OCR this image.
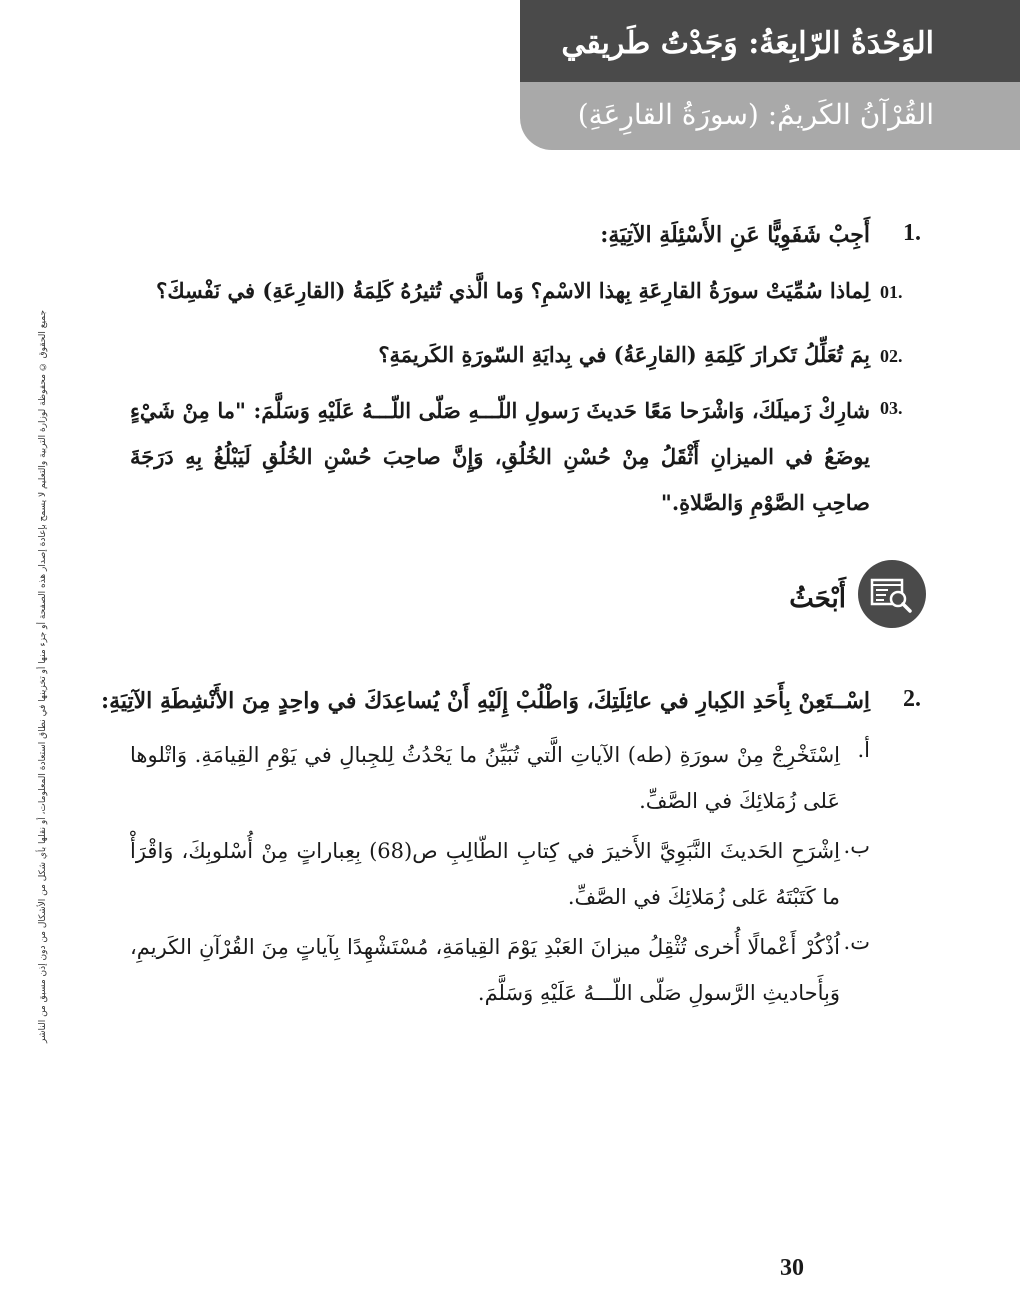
الوَحْدَةُ الرّابِعَةُ: وَجَدْتُ طَريقي
القُرْآنُ الكَريمُ: (سورَةُ القارِعَةِ)
جميع الحقوق © محفوظة لوزارة التربية والتعليم لا يسمح بإعادة إصدار هذه الصفحة أو جزء منها أو تخزينها في نطاق استعادة المعلومات، أو نقلها بأي شكل من الأشكال من دون إذن مسبق من الناشر
1.
أَجِبْ شَفَوِيًّا عَنِ الأَسْئِلَةِ الآتِيَةِ:
01.
لِماذا سُمِّيَتْ سورَةُ القارِعَةِ بِهذا الاسْمِ؟ وَما الَّذي تُثيرُهُ كَلِمَةُ (القارِعَةِ) في نَفْسِكَ؟
02.
بِمَ تُعَلِّلُ تَكرارَ كَلِمَةِ (القارِعَةُ) في بِدايَةِ السّورَةِ الكَريمَةِ؟
03.
شارِكْ زَميلَكَ، وَاشْرَحا مَعًا حَديثَ رَسولِ اللّـــهِ صَلّى اللّـــهُ عَلَيْهِ وَسَلَّمَ: "ما مِنْ شَيْءٍ يوضَعُ في الميزانِ أَثْقَلُ مِنْ حُسْنِ الخُلُقِ، وَإِنَّ صاحِبَ حُسْنِ الخُلُقِ لَيَبْلُغُ بِهِ دَرَجَةَ صاحِبِ الصَّوْمِ وَالصَّلاةِ."
أَبْحَثُ
2.
اِسْــتَعِنْ بِأَحَدِ الكِبارِ في عائِلَتِكَ، وَاطْلُبْ إِلَيْهِ أَنْ يُساعِدَكَ في واحِدٍ مِنَ الأَنْشِطَةِ الآتِيَةِ:
أ.
اِسْتَخْرِجْ مِنْ سورَةِ (طه) الآياتِ الَّتي تُبَيِّنُ ما يَحْدُثُ لِلجِبالِ في يَوْمِ القِيامَةِ. وَاتْلوها عَلى زُمَلائِكَ في الصَّفِّ.
ب.
اِشْرَحِ الحَديثَ النَّبَوِيَّ الأَخيرَ في كِتابِ الطّالِبِ ص(68) بِعِباراتٍ مِنْ أُسْلوبِكَ، وَاقْرَأْ ما كَتَبْتَهُ عَلى زُمَلائِكَ في الصَّفِّ.
ت.
اُذْكُرْ أَعْمالًا أُخرى تُثْقِلُ ميزانَ العَبْدِ يَوْمَ القِيامَةِ، مُسْتَشْهِدًا بِآياتٍ مِنَ القُرْآنِ الكَريمِ، وَبِأَحاديثِ الرَّسولِ صَلّى اللّـــهُ عَلَيْهِ وَسَلَّمَ.
30
